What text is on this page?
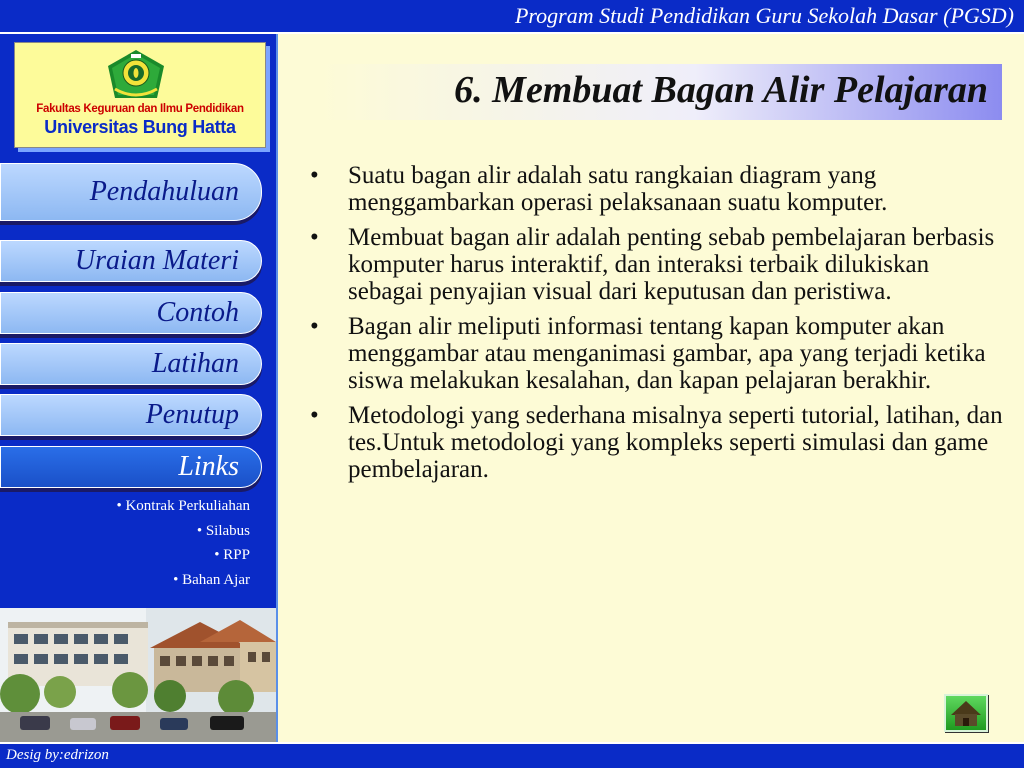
Program Studi Pendidikan Guru Sekolah Dasar (PGSD)
Fakultas Keguruan dan Ilmu Pendidikan
Universitas Bung Hatta
Pendahuluan
Uraian Materi
Contoh
Latihan
Penutup
Links
• Kontrak Perkuliahan
• Silabus
• RPP
• Bahan Ajar
6. Membuat Bagan Alir Pelajaran
• Suatu bagan alir adalah satu rangkaian diagram yang menggambarkan operasi pelaksanaan suatu komputer.
• Membuat bagan alir adalah penting sebab pembelajaran berbasis komputer harus interaktif, dan interaksi terbaik dilukiskan sebagai penyajian visual dari keputusan dan peristiwa.
• Bagan alir meliputi informasi tentang kapan komputer akan menggambar atau menganimasi gambar, apa yang terjadi ketika siswa melakukan kesalahan, dan kapan pelajaran berakhir.
• Metodologi yang sederhana misalnya seperti tutorial, latihan, dan tes.Untuk metodologi yang kompleks seperti simulasi dan game pembelajaran.
Desig by:edrizon
